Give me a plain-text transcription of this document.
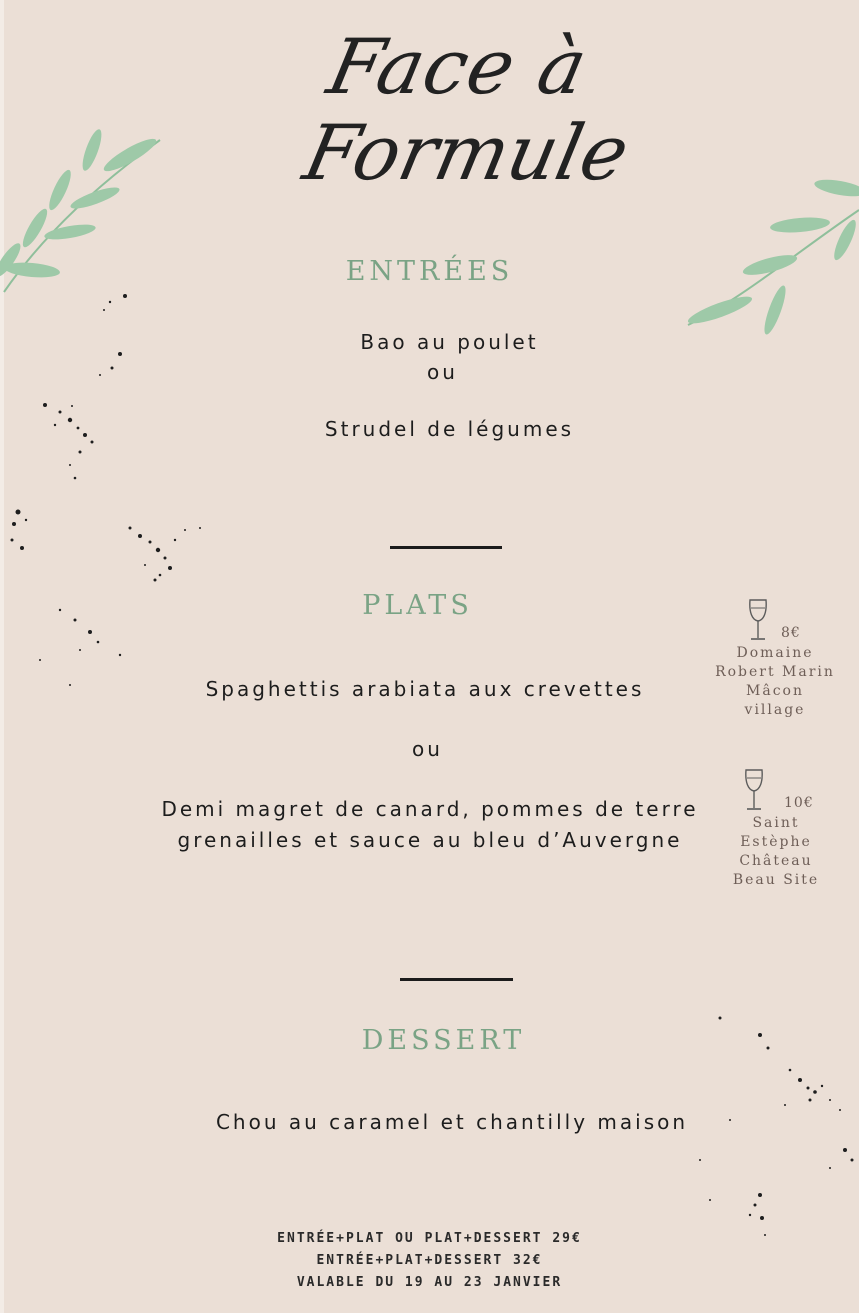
Face à
Formule
ENTRÉES
Bao au poulet
ou
Strudel de légumes
PLATS
Spaghettis arabiata aux crevettes
ou
Demi magret de canard, pommes de terre
grenailles et sauce au bleu d’Auvergne
8€
Domaine
Robert Marin
Mâcon
village
10€
Saint
Estèphe
Château
Beau Site
DESSERT
Chou au caramel et chantilly maison
ENTRÉE+PLAT OU PLAT+DESSERT 29€
ENTRÉE+PLAT+DESSERT 32€
VALABLE DU 19 AU 23 JANVIER
